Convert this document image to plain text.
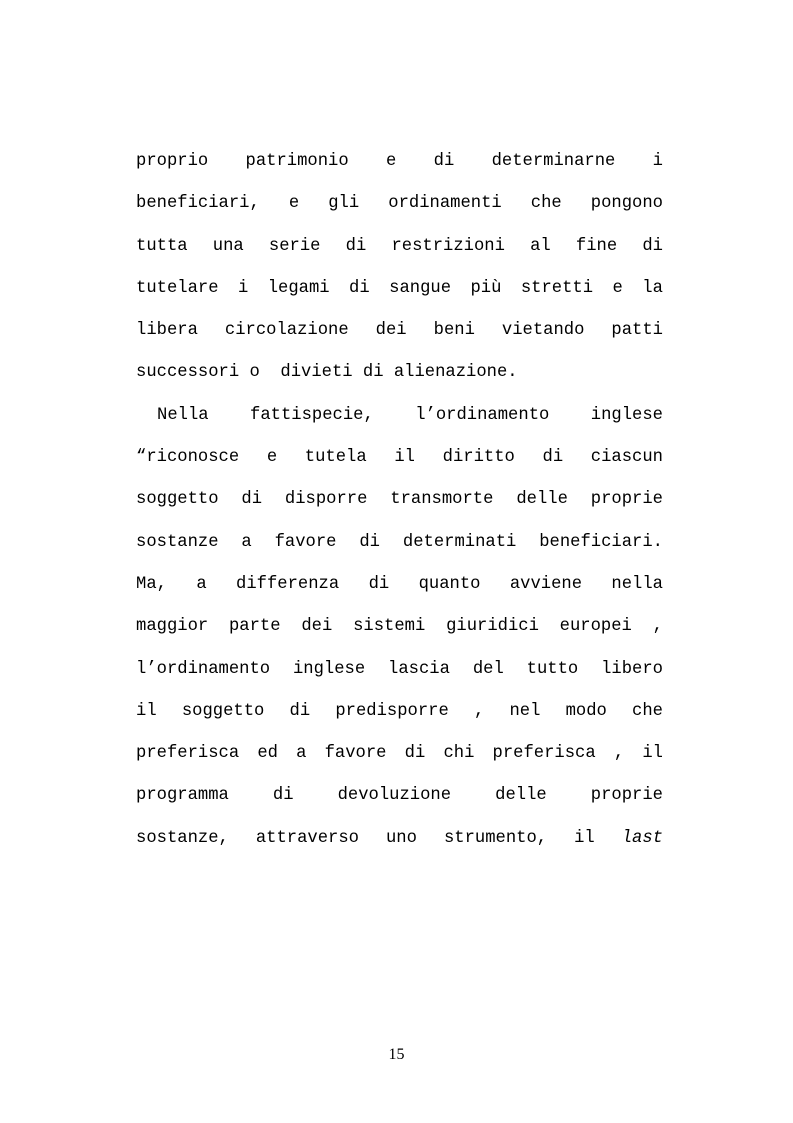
proprio patrimonio e di determinarne i
beneficiari, e gli ordinamenti che pongono
tutta una serie di restrizioni al fine di
tutelare i legami di sangue più stretti e la
libera circolazione dei beni vietando patti
successori o  divieti di alienazione.
Nella fattispecie, l’ordinamento inglese
“riconosce e tutela il diritto di ciascun
soggetto di disporre transmorte delle proprie
sostanze a favore di determinati beneficiari.
Ma, a differenza di quanto avviene nella
maggior parte dei sistemi giuridici europei ,
l’ordinamento inglese lascia del tutto libero
il soggetto di predisporre , nel modo che
preferisca ed a favore di chi preferisca , il
programma	di	devoluzione	delle	proprie
sostanze, attraverso uno strumento, il last
15
